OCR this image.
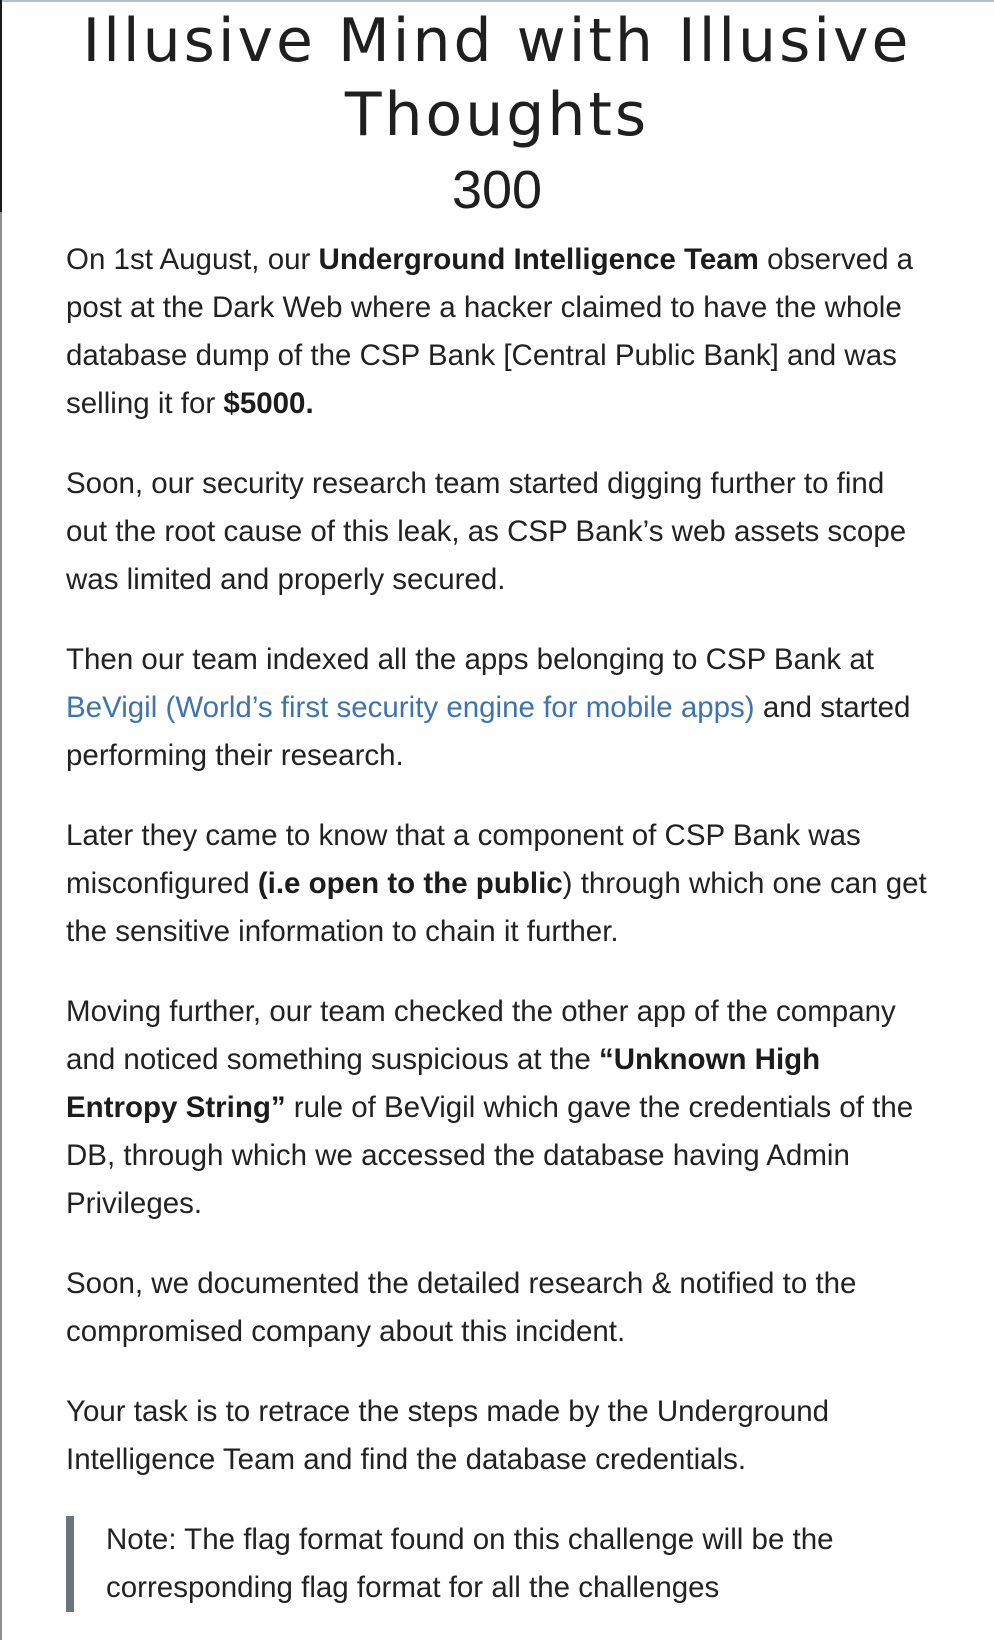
Illusive Mind with Illusive Thoughts
300

On 1st August, our Underground Intelligence Team observed a post at the Dark Web where a hacker claimed to have the whole database dump of the CSP Bank [Central Public Bank] and was selling it for $5000.

Soon, our security research team started digging further to find out the root cause of this leak, as CSP Bank’s web assets scope was limited and properly secured.

Then our team indexed all the apps belonging to CSP Bank at BeVigil (World’s first security engine for mobile apps) and started performing their research.

Later they came to know that a component of CSP Bank was misconfigured (i.e open to the public) through which one can get the sensitive information to chain it further.

Moving further, our team checked the other app of the company and noticed something suspicious at the “Unknown High Entropy String” rule of BeVigil which gave the credentials of the DB, through which we accessed the database having Admin Privileges.

Soon, we documented the detailed research & notified to the compromised company about this incident.

Your task is to retrace the steps made by the Underground Intelligence Team and find the database credentials.

Note: The flag format found on this challenge will be the corresponding flag format for all the challenges
